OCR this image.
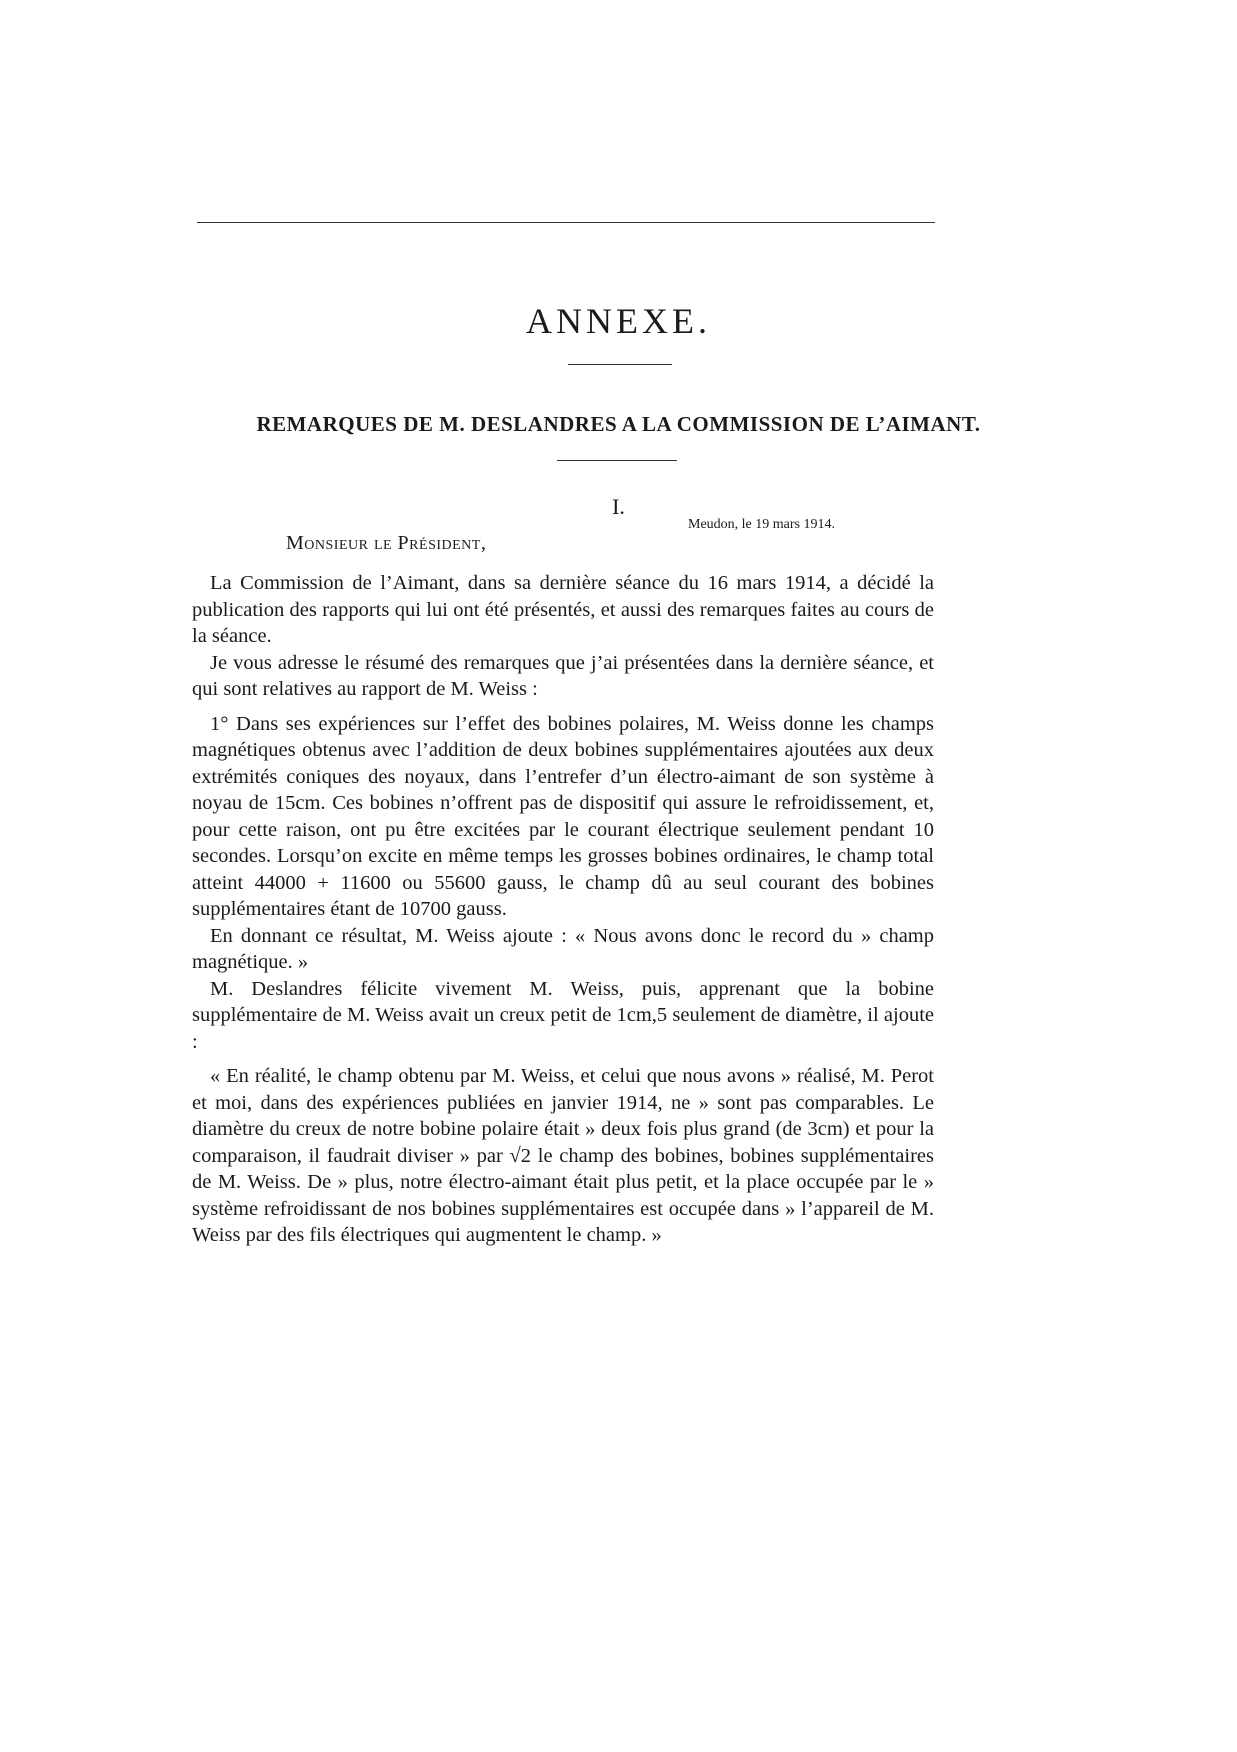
ANNEXE.
REMARQUES DE M. DESLANDRES A LA COMMISSION DE L’AIMANT.
I.
Meudon, le 19 mars 1914.
Monsieur le Président,

La Commission de l’Aimant, dans sa dernière séance du 16 mars 1914, a décidé la publication des rapports qui lui ont été présentés, et aussi des remarques faites au cours de la séance.

Je vous adresse le résumé des remarques que j’ai présentées dans la dernière séance, et qui sont relatives au rapport de M. Weiss :

1° Dans ses expériences sur l’effet des bobines polaires, M. Weiss donne les champs magnétiques obtenus avec l’addition de deux bobines supplémentaires ajoutées aux deux extrémités coniques des noyaux, dans l’entrefer d’un électro-aimant de son système à noyau de 15cm. Ces bobines n’offrent pas de dispositif qui assure le refroidissement, et, pour cette raison, ont pu être excitées par le courant électrique seulement pendant 10 secondes. Lorsqu’on excite en même temps les grosses bobines ordinaires, le champ total atteint 44000 + 11600 ou 55600 gauss, le champ dû au seul courant des bobines supplémentaires étant de 10700 gauss.

En donnant ce résultat, M. Weiss ajoute : « Nous avons donc le record du » champ magnétique. »

M. Deslandres félicite vivement M. Weiss, puis, apprenant que la bobine supplémentaire de M. Weiss avait un creux petit de 1cm,5 seulement de diamètre, il ajoute :

« En réalité, le champ obtenu par M. Weiss, et celui que nous avons » réalisé, M. Perot et moi, dans des expériences publiées en janvier 1914, ne » sont pas comparables. Le diamètre du creux de notre bobine polaire était » deux fois plus grand (de 3cm) et pour la comparaison, il faudrait diviser » par √2 le champ des bobines, bobines supplémentaires de M. Weiss. De » plus, notre électro-aimant était plus petit, et la place occupée par le » système refroidissant de nos bobines supplémentaires est occupée dans » l’appareil de M. Weiss par des fils électriques qui augmentent le champ. »
